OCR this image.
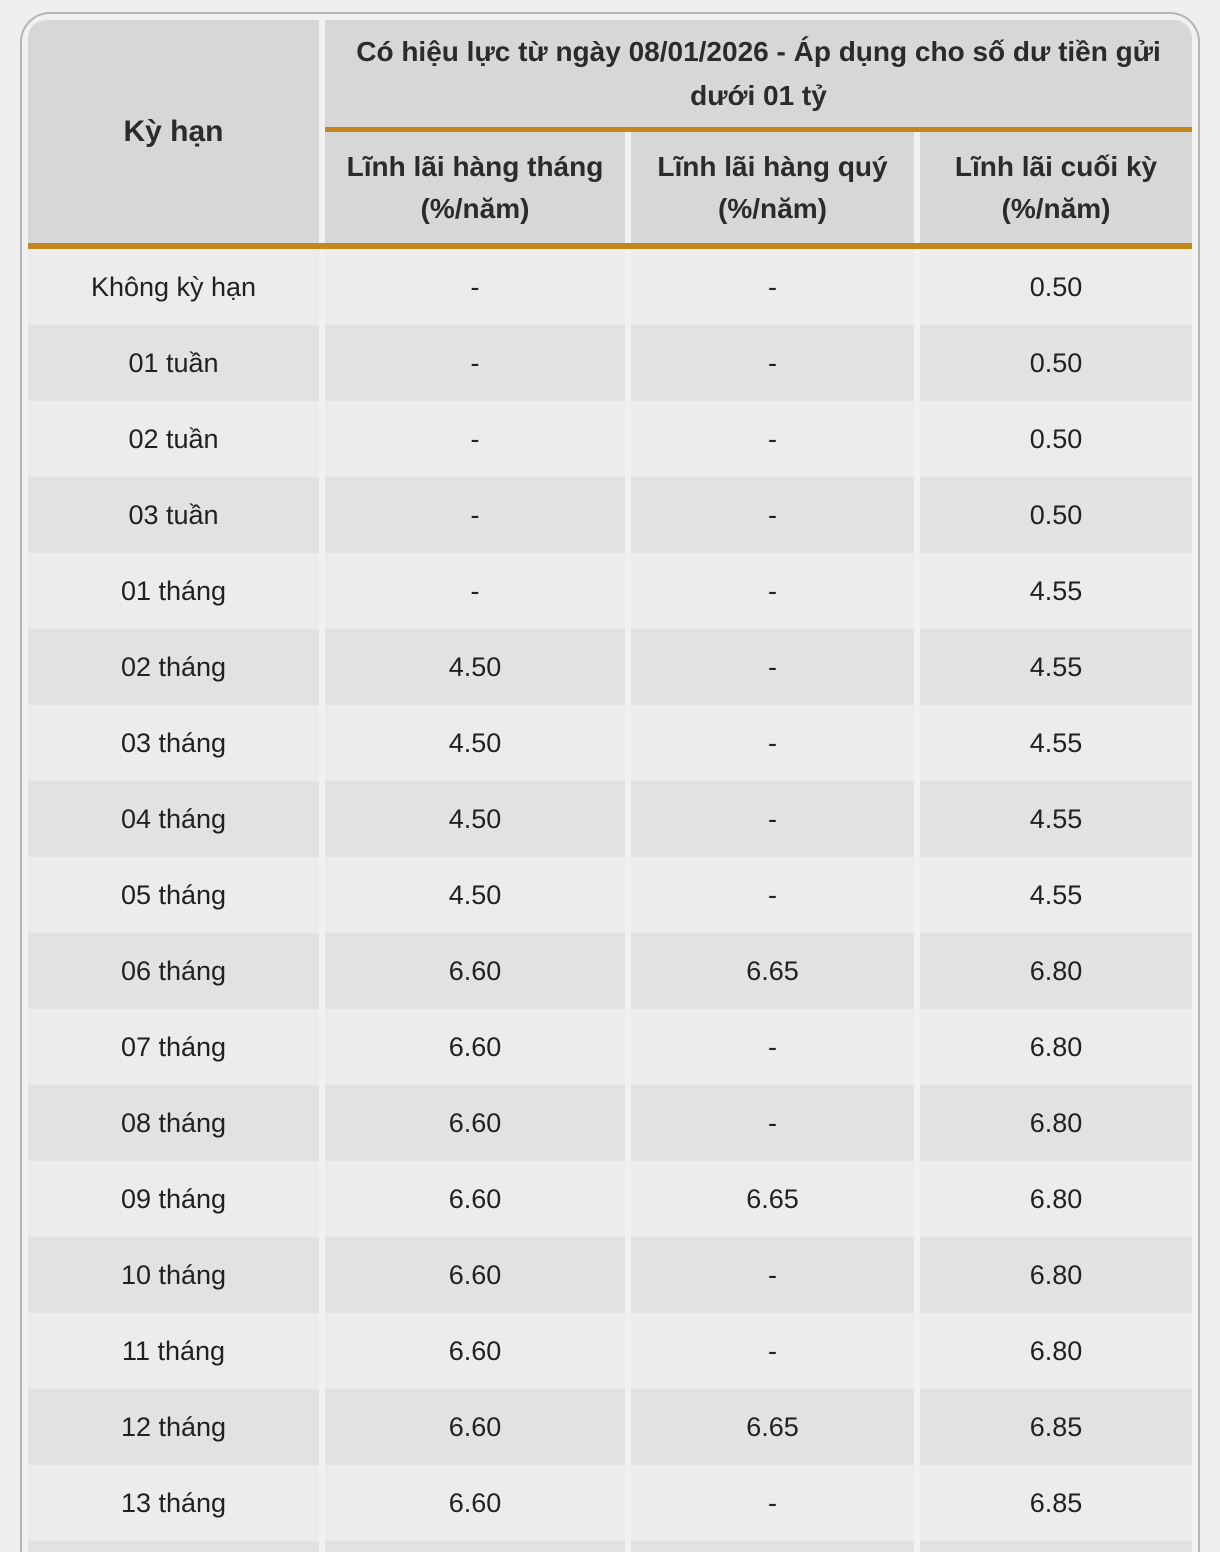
Kỳ hạn
Có hiệu lực từ ngày 08/01/2026 - Áp dụng cho số dư tiền gửi
dưới 01 tỷ
Lĩnh lãi hàng tháng
(%/năm)
Lĩnh lãi hàng quý
(%/năm)
Lĩnh lãi cuối kỳ
(%/năm)
Không kỳ hạn	-	-	0.50
01 tuần	-	-	0.50
02 tuần	-	-	0.50
03 tuần	-	-	0.50
01 tháng	-	-	4.55
02 tháng	4.50	-	4.55
03 tháng	4.50	-	4.55
04 tháng	4.50	-	4.55
05 tháng	4.50	-	4.55
06 tháng	6.60	6.65	6.80
07 tháng	6.60	-	6.80
08 tháng	6.60	-	6.80
09 tháng	6.60	6.65	6.80
10 tháng	6.60	-	6.80
11 tháng	6.60	-	6.80
12 tháng	6.60	6.65	6.85
13 tháng	6.60	-	6.85
